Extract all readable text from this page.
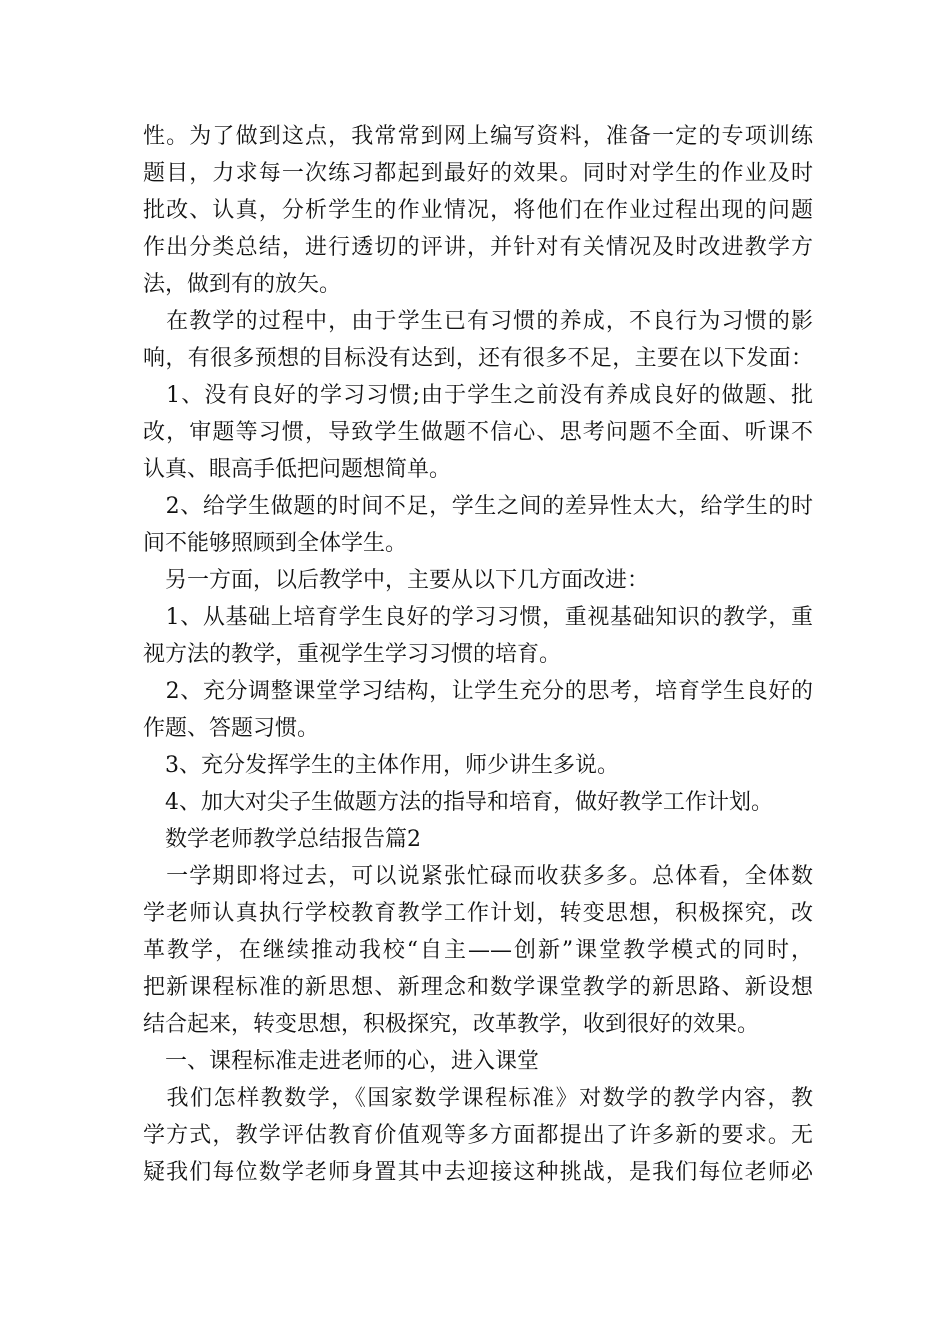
性。为了做到这点，我常常到网上编写资料，准备一定的专项训练
题目，力求每一次练习都起到最好的效果。同时对学生的作业及时
批改、认真，分析学生的作业情况，将他们在作业过程出现的问题
作出分类总结，进行透切的评讲，并针对有关情况及时改进教学方
法，做到有的放矢。
　在教学的过程中，由于学生已有习惯的养成，不良行为习惯的影
响，有很多预想的目标没有达到，还有很多不足，主要在以下发面：
　1、没有良好的学习习惯;由于学生之前没有养成良好的做题、批
改，审题等习惯，导致学生做题不信心、思考问题不全面、听课不
认真、眼高手低把问题想简单。
　2、给学生做题的时间不足，学生之间的差异性太大，给学生的时
间不能够照顾到全体学生。
　另一方面，以后教学中，主要从以下几方面改进：
　1、从基础上培育学生良好的学习习惯，重视基础知识的教学，重
视方法的教学，重视学生学习习惯的培育。
　2、充分调整课堂学习结构，让学生充分的思考，培育学生良好的
作题、答题习惯。
　3、充分发挥学生的主体作用，师少讲生多说。
　4、加大对尖子生做题方法的指导和培育，做好教学工作计划。
　数学老师教学总结报告篇2
　一学期即将过去，可以说紧张忙碌而收获多多。总体看，全体数
学老师认真执行学校教育教学工作计划，转变思想，积极探究，改
革教学，在继续推动我校“自主——创新”课堂教学模式的同时，
把新课程标准的新思想、新理念和数学课堂教学的新思路、新设想
结合起来，转变思想，积极探究，改革教学，收到很好的效果。
　一、课程标准走进老师的心，进入课堂
　我们怎样教数学，《国家数学课程标准》对数学的教学内容，教
学方式，教学评估教育价值观等多方面都提出了许多新的要求。无
疑我们每位数学老师身置其中去迎接这种挑战，是我们每位老师必
